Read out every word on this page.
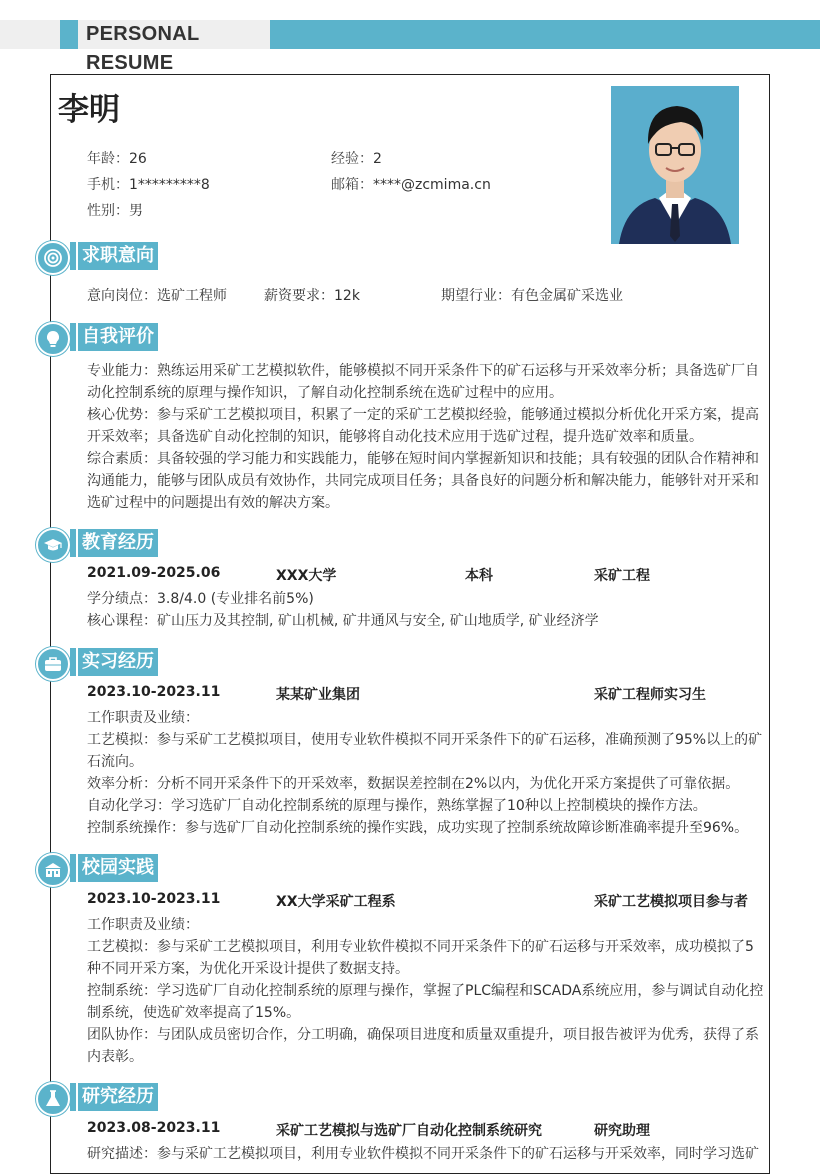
PERSONAL RESUME
李明
年龄：26	经验：2
手机：1*********8	邮箱：****@zcmima.cn
性别：男
求职意向
意向岗位：选矿工程师	薪资要求：12k	期望行业：有色金属矿采选业
自我评价

专业能力：熟练运用采矿工艺模拟软件，能够模拟不同开采条件下的矿石运移与开采效率分析；具备选矿厂自动化控制系统的原理与操作知识，了解自动化控制系统在选矿过程中的应用。

核心优势：参与采矿工艺模拟项目，积累了一定的采矿工艺模拟经验，能够通过模拟分析优化开采方案，提高开采效率；具备选矿自动化控制的知识，能够将自动化技术应用于选矿过程，提升选矿效率和质量。

综合素质：具备较强的学习能力和实践能力，能够在短时间内掌握新知识和技能；具有较强的团队合作精神和沟通能力，能够与团队成员有效协作，共同完成项目任务；具备良好的问题分析和解决能力，能够针对开采和选矿过程中的问题提出有效的解决方案。

教育经历
2021.09-2025.06	XXX大学	本科	采矿工程

学分绩点：3.8/4.0 (专业排名前5%)

核心课程：矿山压力及其控制, 矿山机械, 矿井通风与安全, 矿山地质学, 矿业经济学

实习经历
2023.10-2023.11	某某矿业集团	采矿工程师实习生

工作职责及业绩：

工艺模拟：参与采矿工艺模拟项目，使用专业软件模拟不同开采条件下的矿石运移，准确预测了95%以上的矿石流向。

效率分析：分析不同开采条件下的开采效率，数据误差控制在2%以内，为优化开采方案提供了可靠依据。

自动化学习：学习选矿厂自动化控制系统的原理与操作，熟练掌握了10种以上控制模块的操作方法。

控制系统操作：参与选矿厂自动化控制系统的操作实践，成功实现了控制系统故障诊断准确率提升至96%。

校园实践
2023.10-2023.11	XX大学采矿工程系	采矿工艺模拟项目参与者

工作职责及业绩：

工艺模拟：参与采矿工艺模拟项目，利用专业软件模拟不同开采条件下的矿石运移与开采效率，成功模拟了5种不同开采方案，为优化开采设计提供了数据支持。

控制系统：学习选矿厂自动化控制系统的原理与操作，掌握了PLC编程和SCADA系统应用，参与调试自动化控制系统，使选矿效率提高了15%。

团队协作：与团队成员密切合作，分工明确，确保项目进度和质量双重提升，项目报告被评为优秀，获得了系内表彰。

研究经历
2023.08-2023.11	采矿工艺模拟与选矿厂自动化控制系统研究	研究助理

研究描述：参与采矿工艺模拟项目，利用专业软件模拟不同开采条件下的矿石运移与开采效率，同时学习选矿
